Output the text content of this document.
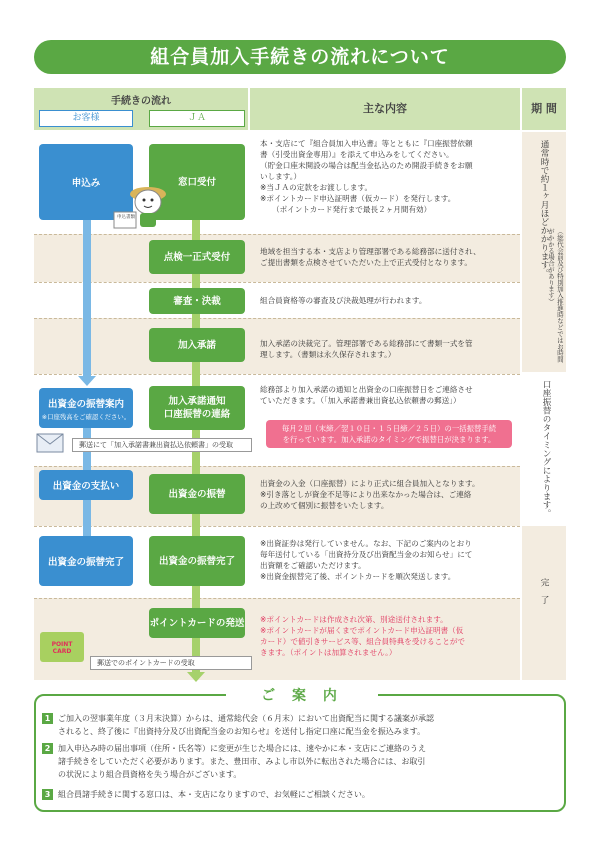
組合員加入手続きの流れについて
手続きの流れ
お客様	ＪＡ
主な内容	期 間
通常時で約１ヶ月ほどかかります。
（総代会前及び特別加入推進時などではお時間がかかる場合があります）
口座振替のタイミングによります。
完　了
申込み
出資金の振替案内
※口座残高をご確認ください。
出資金の支払い
出資金の振替完了
窓口受付
点検一正式受付
審査・決裁
加入承諾
加入承諾通知
口座振替の連絡
出資金の振替
出資金の振替完了
ポイントカードの発送
申込書類
郵送にて「加入承諾書兼出資払込依頼書」の受取
POINT CARD
郵送でのポイントカードの受取
本・支店にて『組合員加入申込書』等とともに『口座振替依頼
書（引受出資金専用）』を添えて申込みをしてください。
（貯金口座未開設の場合は配当金払込のため開設手続きをお願
いします。）
※当ＪＡの定款をお渡しします。
※ポイントカード申込証明書（仮カード）を発行します。
（ポイントカード発行まで最長２ヶ月間有効）
地域を担当する本・支店より管理部署である総務部に送付され、
ご提出書類を点検させていただいた上で正式受付となります。
組合員資格等の審査及び決裁処理が行われます。
加入承諾の決裁完了。管理部署である総務部にて書類一式を管
理します。（書類は永久保存されます。）
総務部より加入承諾の通知と出資金の口座振替日をご連絡させ
ていただきます。（「加入承諾書兼出資払込依頼書の郵送」）
毎月２回（末締／翌１０日・１５日締／２５日）の一括振替手続
を行っています。加入承諾のタイミングで振替日が決まります。
出資金の入金（口座振替）により正式に組合員加入となります。
※引き落としが資金不足等により出来なかった場合は、ご連絡
の上改めて個別に振替をいたします。
※出資証券は発行していません。なお、下記のご案内のとおり
毎年送付している「出資持分及び出資配当金のお知らせ」にて
出資額をご確認いただけます。
※出資金振替完了後、ポイントカードを順次発送します。
※ポイントカードは作成され次第、別途送付されます。
※ポイントカードが届くまでポイントカード申込証明書（仮
カード）で値引きサービス等、組合員特典を受けることがで
きます。（ポイントは加算されません。）
ご 案 内
1 ご加入の翌事業年度（３月末決算）からは、通常総代会（６月末）において出資配当に関する議案が承認
されると、終了後に『出資持分及び出資配当金のお知らせ』を送付し指定口座に配当金を振込みます。
2 加入申込み時の届出事項（住所・氏名等）に変更が生じた場合には、速やかに本・支店にご連絡のうえ
諸手続きをしていただく必要があります。また、豊田市、みよし市以外に転出された場合には、お取引
の状況により組合員資格を失う場合がございます。
3 組合員諸手続きに関する窓口は、本・支店になりますので、お気軽にご相談ください。
